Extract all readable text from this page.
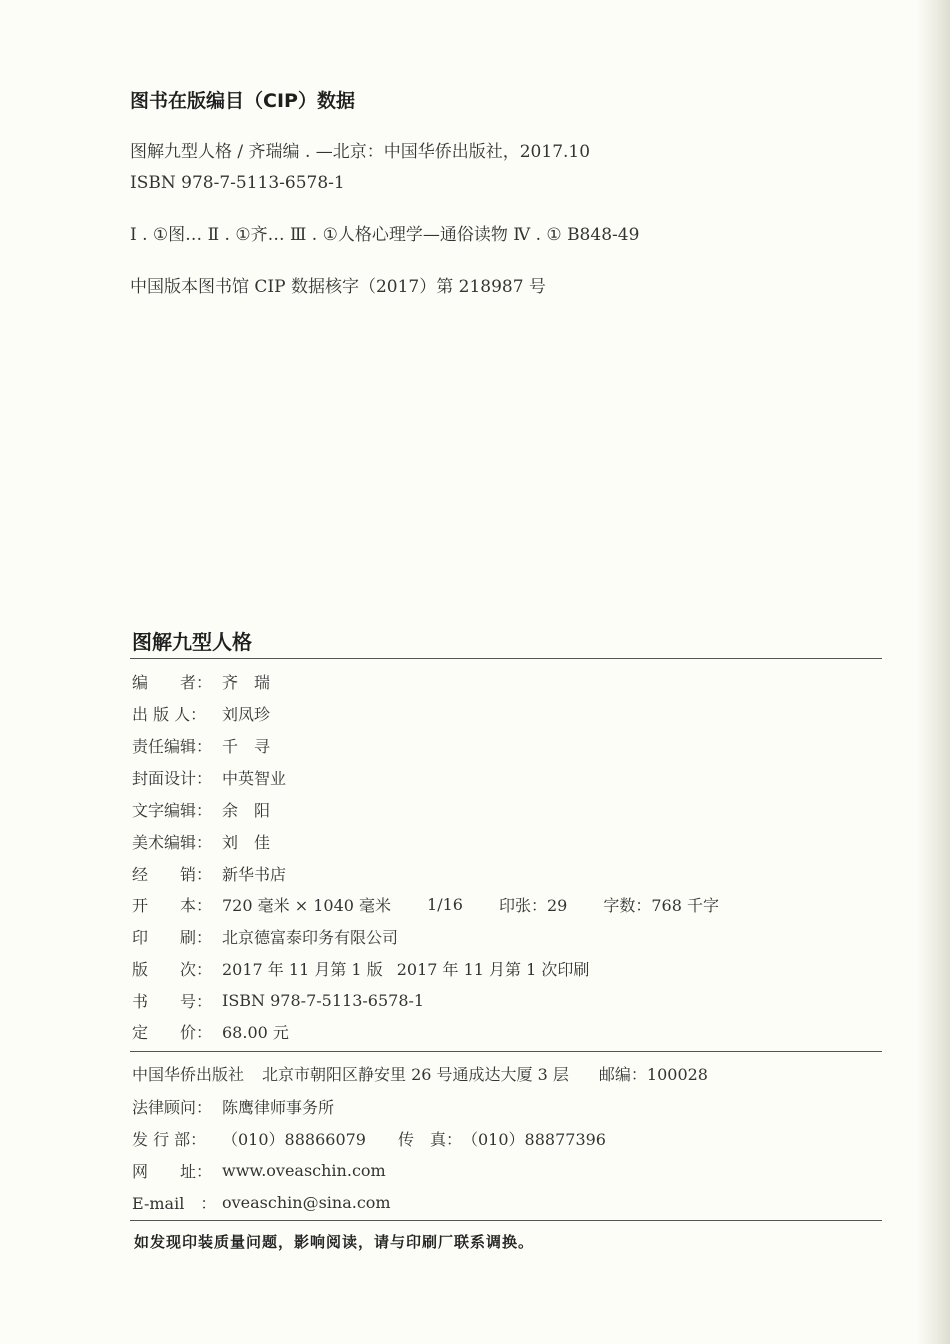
图书在版编目（CIP）数据
图解九型人格 / 齐瑞编 . —北京：中国华侨出版社，2017.10
ISBN 978-7-5113-6578-1
Ⅰ . ①图… Ⅱ . ①齐… Ⅲ . ①人格心理学—通俗读物 Ⅳ . ① B848-49
中国版本图书馆 CIP 数据核字（2017）第 218987 号
图解九型人格
编　　者： 齐　瑞
出 版 人： 刘凤珍
责任编辑： 千　寻
封面设计： 中英智业
文字编辑： 余　阳
美术编辑： 刘　佳
经　　销： 新华书店
开　　本： 720 毫米 × 1040 毫米 1/16 印张：29 字数：768 千字
印　　刷： 北京德富泰印务有限公司
版　　次： 2017 年 11 月第 1 版 2017 年 11 月第 1 次印刷
书　　号： ISBN 978-7-5113-6578-1
定　　价： 68.00 元
中国华侨出版社 北京市朝阳区静安里 26 号通成达大厦 3 层 邮编：100028
法律顾问： 陈鹰律师事务所
发 行 部： （010）88866079 传　真： （010）88877396
网　　址： www.oveaschin.com
E-mail　： oveaschin@sina.com
如发现印装质量问题，影响阅读，请与印刷厂联系调换。
